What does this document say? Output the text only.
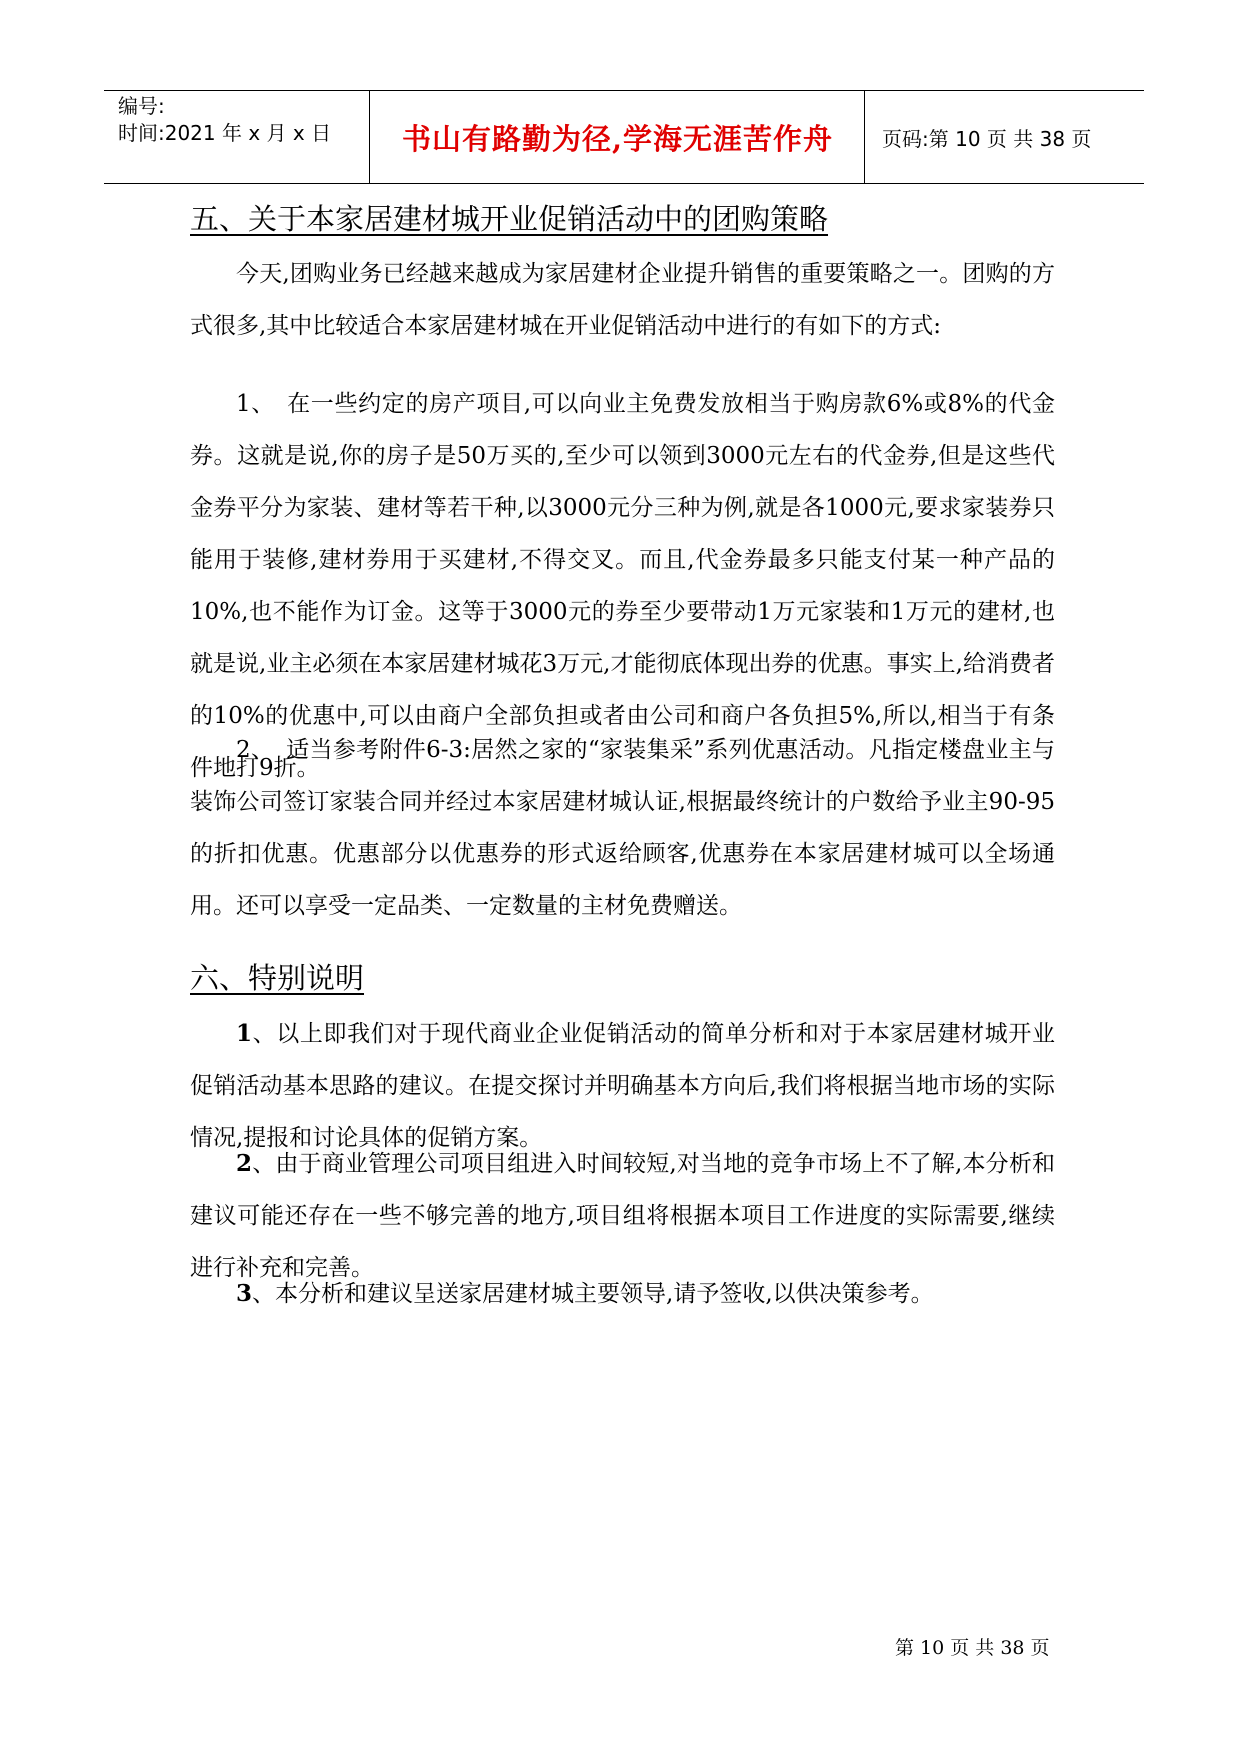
编号:
时间:2021 年 x 月 x 日 书山有路勤为径,学海无涯苦作舟	页码:第 10 页 共 38 页
五、关于本家居建材城开业促销活动中的团购策略
今天,团购业务已经越来越成为家居建材企业提升销售的重要策略之一。团购的方式很多,其中比较适合本家居建材城在开业促销活动中进行的有如下的方式:
1、　在一些约定的房产项目,可以向业主免费发放相当于购房款6%或8%的代金券。这就是说,你的房子是50万买的,至少可以领到3000元左右的代金券,但是这些代金券平分为家装、建材等若干种,以3000元分三种为例,就是各1000元,要求家装券只能用于装修,建材券用于买建材,不得交叉。而且,代金券最多只能支付某一种产品的10%,也不能作为订金。这等于3000元的券至少要带动1万元家装和1万元的建材,也就是说,业主必须在本家居建材城花3万元,才能彻底体现出券的优惠。事实上,给消费者的10%的优惠中,可以由商户全部负担或者由公司和商户各负担5%,所以,相当于有条件地打9折。
2、　适当参考附件6-3:居然之家的“家装集采”系列优惠活动。凡指定楼盘业主与装饰公司签订家装合同并经过本家居建材城认证,根据最终统计的户数给予业主90-95的折扣优惠。优惠部分以优惠券的形式返给顾客,优惠券在本家居建材城可以全场通用。还可以享受一定品类、一定数量的主材免费赠送。
六、特别说明
1、以上即我们对于现代商业企业促销活动的简单分析和对于本家居建材城开业促销活动基本思路的建议。在提交探讨并明确基本方向后,我们将根据当地市场的实际情况,提报和讨论具体的促销方案。
2、由于商业管理公司项目组进入时间较短,对当地的竞争市场上不了解,本分析和建议可能还存在一些不够完善的地方,项目组将根据本项目工作进度的实际需要,继续进行补充和完善。
3、本分析和建议呈送家居建材城主要领导,请予签收,以供决策参考。
第 10 页 共 38 页
